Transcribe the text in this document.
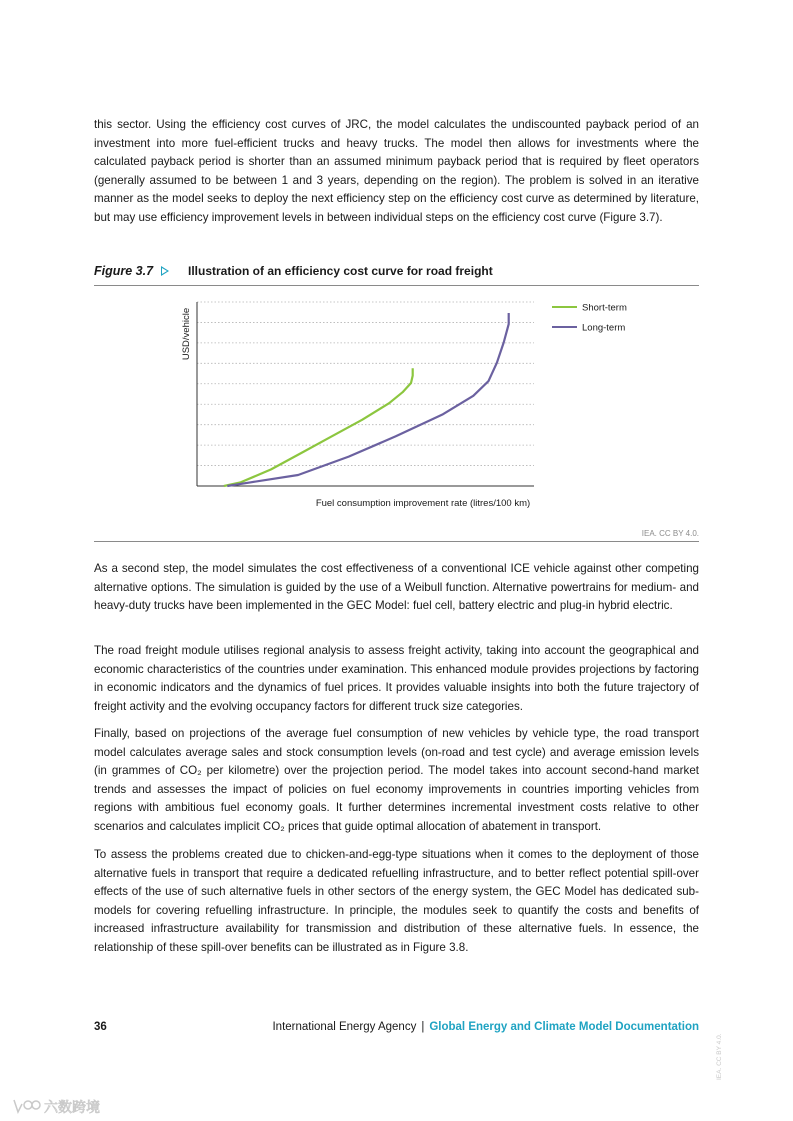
this sector. Using the efficiency cost curves of JRC, the model calculates the undiscounted payback period of an investment into more fuel-efficient trucks and heavy trucks. The model then allows for investments where the calculated payback period is shorter than an assumed minimum payback period that is required by fleet operators (generally assumed to be between 1 and 3 years, depending on the region). The problem is solved in an iterative manner as the model seeks to deploy the next efficiency step on the efficiency cost curve as determined by literature, but may use efficiency improvement levels in between individual steps on the efficiency cost curve (Figure 3.7).

Figure 3.7	Illustration of an efficiency cost curve for road freight
USD/vehicle
Fuel consumption improvement rate (litres/100 km)
Short-term
Long-term
IEA. CC BY 4.0.

As a second step, the model simulates the cost effectiveness of a conventional ICE vehicle against other competing alternative options. The simulation is guided by the use of a Weibull function. Alternative powertrains for medium- and heavy-duty trucks have been implemented in the GEC Model: fuel cell, battery electric and plug-in hybrid electric.

The road freight module utilises regional analysis to assess freight activity, taking into account the geographical and economic characteristics of the countries under examination. This enhanced module provides projections by factoring in economic indicators and the dynamics of fuel prices. It provides valuable insights into both the future trajectory of freight activity and the evolving occupancy factors for different truck size categories.

Finally, based on projections of the average fuel consumption of new vehicles by vehicle type, the road transport model calculates average sales and stock consumption levels (on-road and test cycle) and average emission levels (in grammes of CO₂ per kilometre) over the projection period. The model takes into account second-hand market trends and assesses the impact of policies on fuel economy improvements in countries importing vehicles from regions with ambitious fuel economy goals. It further determines incremental investment costs relative to other scenarios and calculates implicit CO₂ prices that guide optimal allocation of abatement in transport.

To assess the problems created due to chicken-and-egg-type situations when it comes to the deployment of those alternative fuels in transport that require a dedicated refuelling infrastructure, and to better reflect potential spill-over effects of the use of such alternative fuels in other sectors of the energy system, the GEC Model has dedicated sub-models for covering refuelling infrastructure. In principle, the modules seek to quantify the costs and benefits of increased infrastructure availability for transmission and distribution of these alternative fuels. In essence, the relationship of these spill-over benefits can be illustrated as in Figure 3.8.

36	International Energy Agency | Global Energy and Climate Model Documentation
IEA. CC BY 4.0.
六数跨境
